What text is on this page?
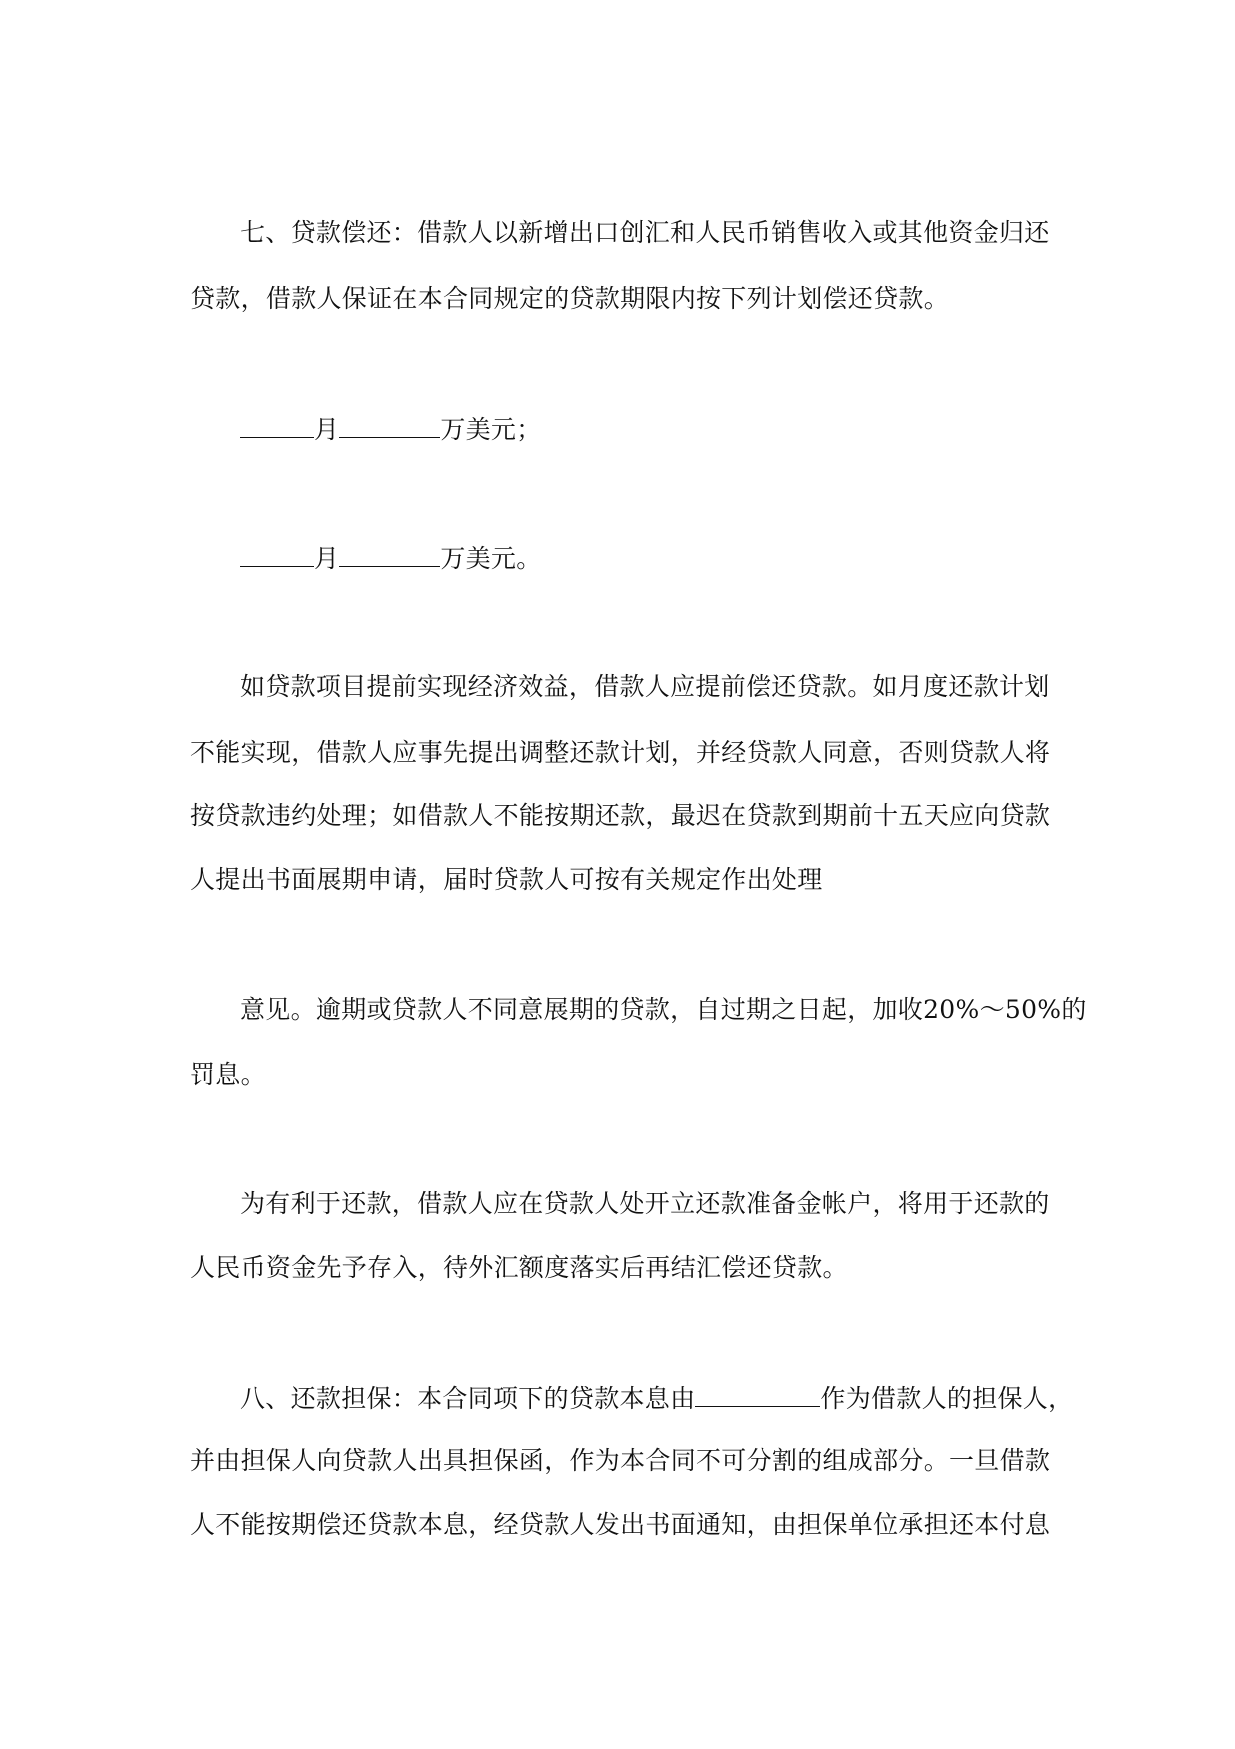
七、贷款偿还：借款人以新增出口创汇和人民币销售收入或其他资金归还
贷款，借款人保证在本合同规定的贷款期限内按下列计划偿还贷款。
月	万美元；
月	万美元。
如贷款项目提前实现经济效益，借款人应提前偿还贷款。如月度还款计划
不能实现，借款人应事先提出调整还款计划，并经贷款人同意，否则贷款人将
按贷款违约处理；如借款人不能按期还款，最迟在贷款到期前十五天应向贷款
人提出书面展期申请，届时贷款人可按有关规定作出处理
意见。逾期或贷款人不同意展期的贷款，自过期之日起，加收20%～50%的
罚息。
为有利于还款，借款人应在贷款人处开立还款准备金帐户，将用于还款的
人民币资金先予存入，待外汇额度落实后再结汇偿还贷款。
八、还款担保：本合同项下的贷款本息由	作为借款人的担保人，
并由担保人向贷款人出具担保函，作为本合同不可分割的组成部分。一旦借款
人不能按期偿还贷款本息，经贷款人发出书面通知，由担保单位承担还本付息
